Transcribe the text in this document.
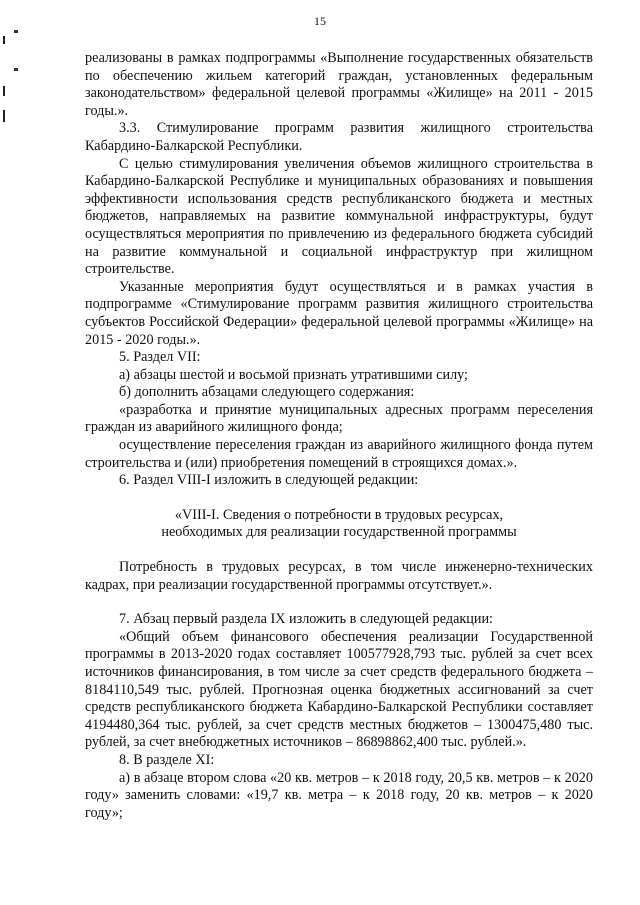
15

реализованы в рамках подпрограммы «Выполнение государственных обязательств по обеспечению жильем категорий граждан, установленных федеральным законодательством» федеральной целевой программы «Жилище» на 2011 - 2015 годы.».

3.3. Стимулирование программ развития жилищного строительства Кабардино-Балкарской Республики.

С целью стимулирования увеличения объемов жилищного строительства в Кабардино-Балкарской Республике и муниципальных образованиях и повышения эффективности использования средств республиканского бюджета и местных бюджетов, направляемых на развитие коммунальной инфраструктуры, будут осуществляться мероприятия по привлечению из федерального бюджета субсидий на развитие коммунальной и социальной инфраструктур при жилищном строительстве.

Указанные мероприятия будут осуществляться и в рамках участия в подпрограмме «Стимулирование программ развития жилищного строительства субъектов Российской Федерации» федеральной целевой программы «Жилище» на 2015 - 2020 годы.».

5. Раздел VII:

а) абзацы шестой и восьмой признать утратившими силу;

б) дополнить абзацами следующего содержания:

«разработка и принятие муниципальных адресных программ переселения граждан из аварийного жилищного фонда;

осуществление переселения граждан из аварийного жилищного фонда путем строительства и (или) приобретения помещений в строящихся домах.».

6. Раздел VIII-I изложить в следующей редакции:

«VIII-I. Сведения о потребности в трудовых ресурсах,

необходимых для реализации государственной программы

Потребность в трудовых ресурсах, в том числе инженерно-технических кадрах, при реализации государственной программы отсутствует.».

7. Абзац первый раздела IX изложить в следующей редакции:

«Общий объем финансового обеспечения реализации Государственной программы в 2013-2020 годах составляет 100577928,793 тыс. рублей за счет всех источников финансирования, в том числе за счет средств федерального бюджета – 8184110,549 тыс. рублей. Прогнозная оценка бюджетных ассигнований за счет средств республиканского бюджета Кабардино-Балкарской Республики составляет 4194480,364 тыс. рублей, за счет средств местных бюджетов – 1300475,480 тыс. рублей, за счет внебюджетных источников – 86898862,400 тыс. рублей.».

8. В разделе XI:

а) в абзаце втором слова «20 кв. метров – к 2018 году, 20,5 кв. метров – к 2020 году» заменить словами: «19,7 кв. метра – к 2018 году, 20 кв. метров – к 2020 году»;
